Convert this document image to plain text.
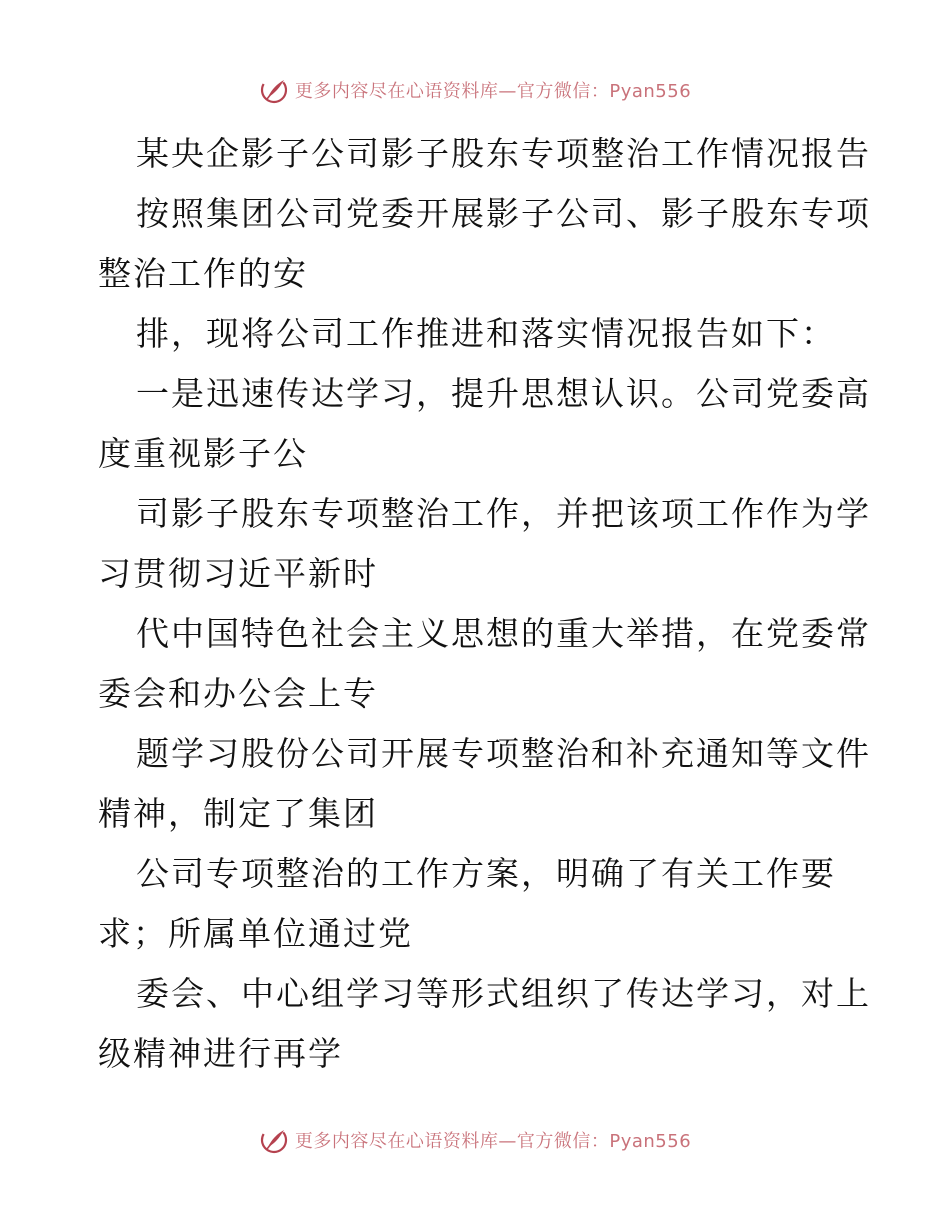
更多内容尽在心语资料库—官方微信：Pyan556
某央企影子公司影子股东专项整治工作情况报告
按照集团公司党委开展影子公司、影子股东专项
整治工作的安
排，现将公司工作推进和落实情况报告如下：
一是迅速传达学习，提升思想认识。公司党委高
度重视影子公
司影子股东专项整治工作，并把该项工作作为学
习贯彻习近平新时
代中国特色社会主义思想的重大举措，在党委常
委会和办公会上专
题学习股份公司开展专项整治和补充通知等文件
精神，制定了集团
公司专项整治的工作方案，明确了有关工作要
求；所属单位通过党
委会、中心组学习等形式组织了传达学习，对上
级精神进行再学
更多内容尽在心语资料库—官方微信：Pyan556
